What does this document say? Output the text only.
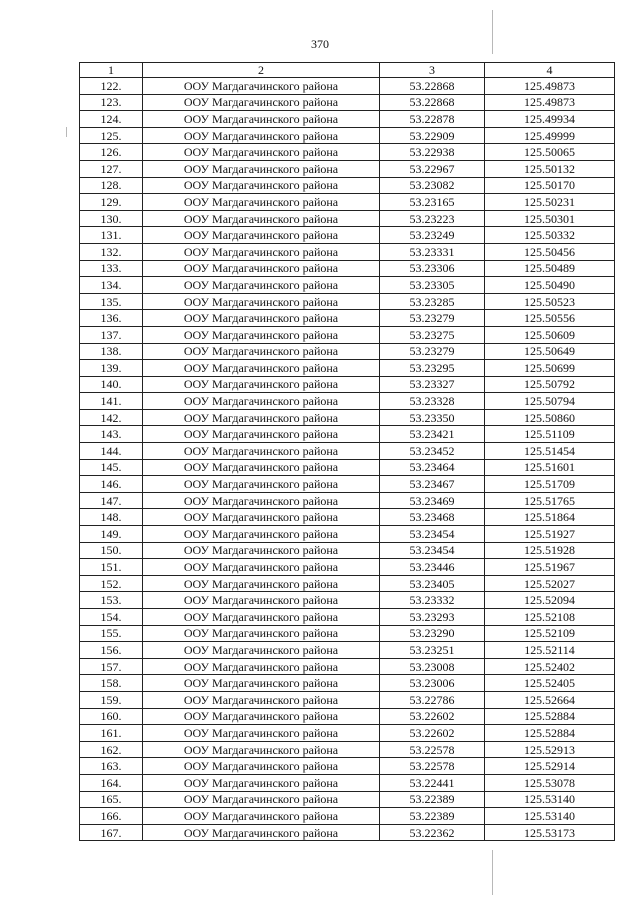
370
1	2	3	4
122.	ООУ Магдагачинского района	53.22868	125.49873
123.	ООУ Магдагачинского района	53.22868	125.49873
124.	ООУ Магдагачинского района	53.22878	125.49934
125.	ООУ Магдагачинского района	53.22909	125.49999
126.	ООУ Магдагачинского района	53.22938	125.50065
127.	ООУ Магдагачинского района	53.22967	125.50132
128.	ООУ Магдагачинского района	53.23082	125.50170
129.	ООУ Магдагачинского района	53.23165	125.50231
130.	ООУ Магдагачинского района	53.23223	125.50301
131.	ООУ Магдагачинского района	53.23249	125.50332
132.	ООУ Магдагачинского района	53.23331	125.50456
133.	ООУ Магдагачинского района	53.23306	125.50489
134.	ООУ Магдагачинского района	53.23305	125.50490
135.	ООУ Магдагачинского района	53.23285	125.50523
136.	ООУ Магдагачинского района	53.23279	125.50556
137.	ООУ Магдагачинского района	53.23275	125.50609
138.	ООУ Магдагачинского района	53.23279	125.50649
139.	ООУ Магдагачинского района	53.23295	125.50699
140.	ООУ Магдагачинского района	53.23327	125.50792
141.	ООУ Магдагачинского района	53.23328	125.50794
142.	ООУ Магдагачинского района	53.23350	125.50860
143.	ООУ Магдагачинского района	53.23421	125.51109
144.	ООУ Магдагачинского района	53.23452	125.51454
145.	ООУ Магдагачинского района	53.23464	125.51601
146.	ООУ Магдагачинского района	53.23467	125.51709
147.	ООУ Магдагачинского района	53.23469	125.51765
148.	ООУ Магдагачинского района	53.23468	125.51864
149.	ООУ Магдагачинского района	53.23454	125.51927
150.	ООУ Магдагачинского района	53.23454	125.51928
151.	ООУ Магдагачинского района	53.23446	125.51967
152.	ООУ Магдагачинского района	53.23405	125.52027
153.	ООУ Магдагачинского района	53.23332	125.52094
154.	ООУ Магдагачинского района	53.23293	125.52108
155.	ООУ Магдагачинского района	53.23290	125.52109
156.	ООУ Магдагачинского района	53.23251	125.52114
157.	ООУ Магдагачинского района	53.23008	125.52402
158.	ООУ Магдагачинского района	53.23006	125.52405
159.	ООУ Магдагачинского района	53.22786	125.52664
160.	ООУ Магдагачинского района	53.22602	125.52884
161.	ООУ Магдагачинского района	53.22602	125.52884
162.	ООУ Магдагачинского района	53.22578	125.52913
163.	ООУ Магдагачинского района	53.22578	125.52914
164.	ООУ Магдагачинского района	53.22441	125.53078
165.	ООУ Магдагачинского района	53.22389	125.53140
166.	ООУ Магдагачинского района	53.22389	125.53140
167.	ООУ Магдагачинского района	53.22362	125.53173
